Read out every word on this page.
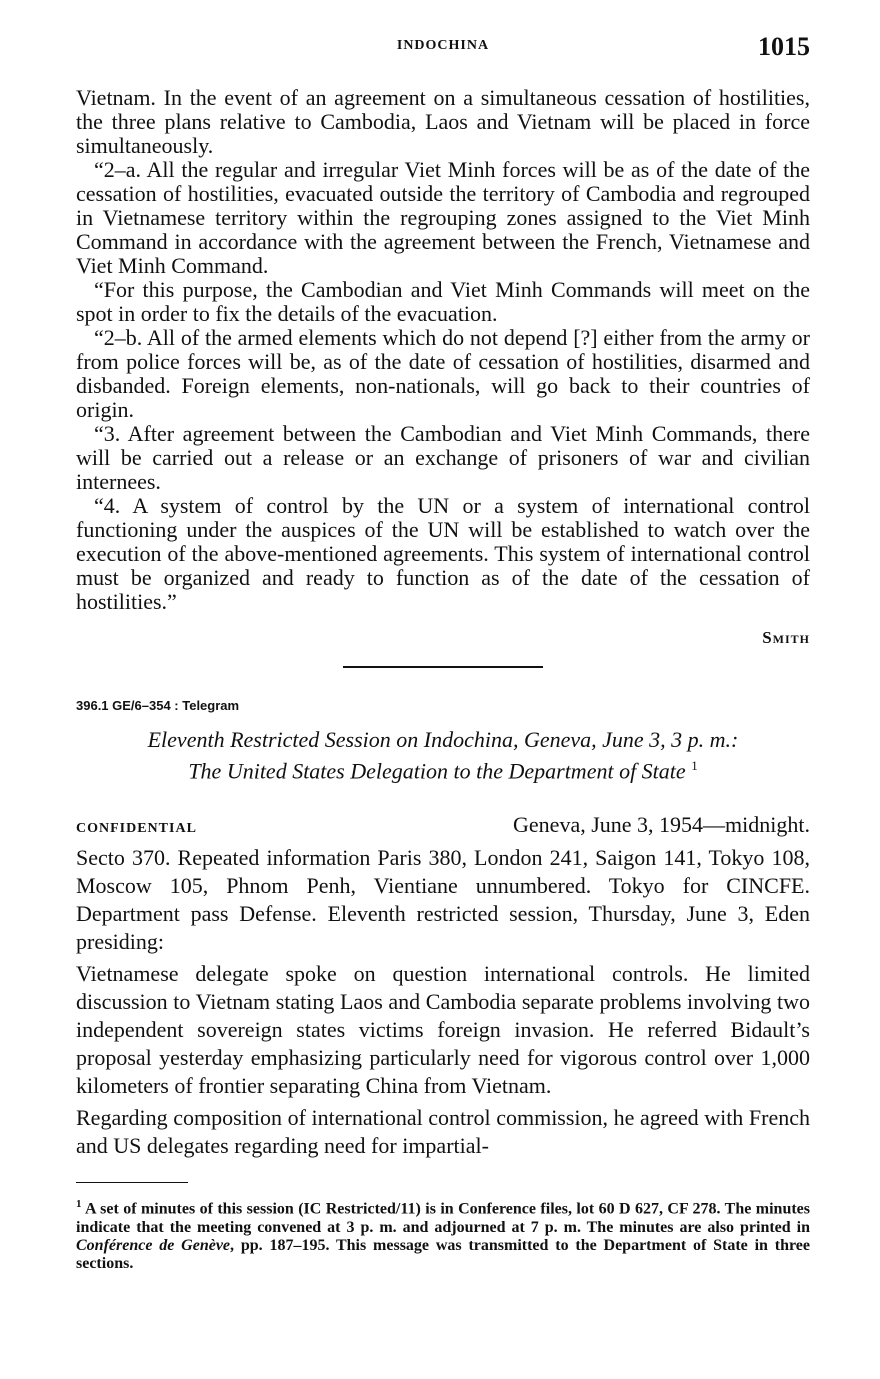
INDOCHINA	1015

Vietnam. In the event of an agreement on a simultaneous cessation of hostilities, the three plans relative to Cambodia, Laos and Vietnam will be placed in force simultaneously.

“2–a. All the regular and irregular Viet Minh forces will be as of the date of the cessation of hostilities, evacuated outside the territory of Cambodia and regrouped in Vietnamese territory within the regrouping zones assigned to the Viet Minh Command in accordance with the agreement between the French, Vietnamese and Viet Minh Command.

“For this purpose, the Cambodian and Viet Minh Commands will meet on the spot in order to fix the details of the evacuation.

“2–b. All of the armed elements which do not depend [?] either from the army or from police forces will be, as of the date of cessation of hostilities, disarmed and disbanded. Foreign elements, non-nationals, will go back to their countries of origin.

“3. After agreement between the Cambodian and Viet Minh Commands, there will be carried out a release or an exchange of prisoners of war and civilian internees.

“4. A system of control by the UN or a system of international control functioning under the auspices of the UN will be established to watch over the execution of the above-mentioned agreements. This system of international control must be organized and ready to function as of the date of the cessation of hostilities.”

Smith
396.1 GE/6–354 : Telegram
Eleventh Restricted Session on Indochina, Geneva, June 3, 3 p. m.:
The United States Delegation to the Department of State $^1$
CONFIDENTIAL	Geneva, June 3, 1954—midnight.

Secto 370. Repeated information Paris 380, London 241, Saigon 141, Tokyo 108, Moscow 105, Phnom Penh, Vientiane unnumbered. Tokyo for CINCFE. Department pass Defense. Eleventh restricted session, Thursday, June 3, Eden presiding:

Vietnamese delegate spoke on question international controls. He limited discussion to Vietnam stating Laos and Cambodia separate problems involving two independent sovereign states victims foreign invasion. He referred Bidault’s proposal yesterday emphasizing particularly need for vigorous control over 1,000 kilometers of frontier separating China from Vietnam.

Regarding composition of international control commission, he agreed with French and US delegates regarding need for impartial-

$^1$ A set of minutes of this session (IC Restricted/11) is in Conference files, lot 60 D 627, CF 278. The minutes indicate that the meeting convened at 3 p. m. and adjourned at 7 p. m. The minutes are also printed in Conférence de Genève, pp. 187–195. This message was transmitted to the Department of State in three sections.
